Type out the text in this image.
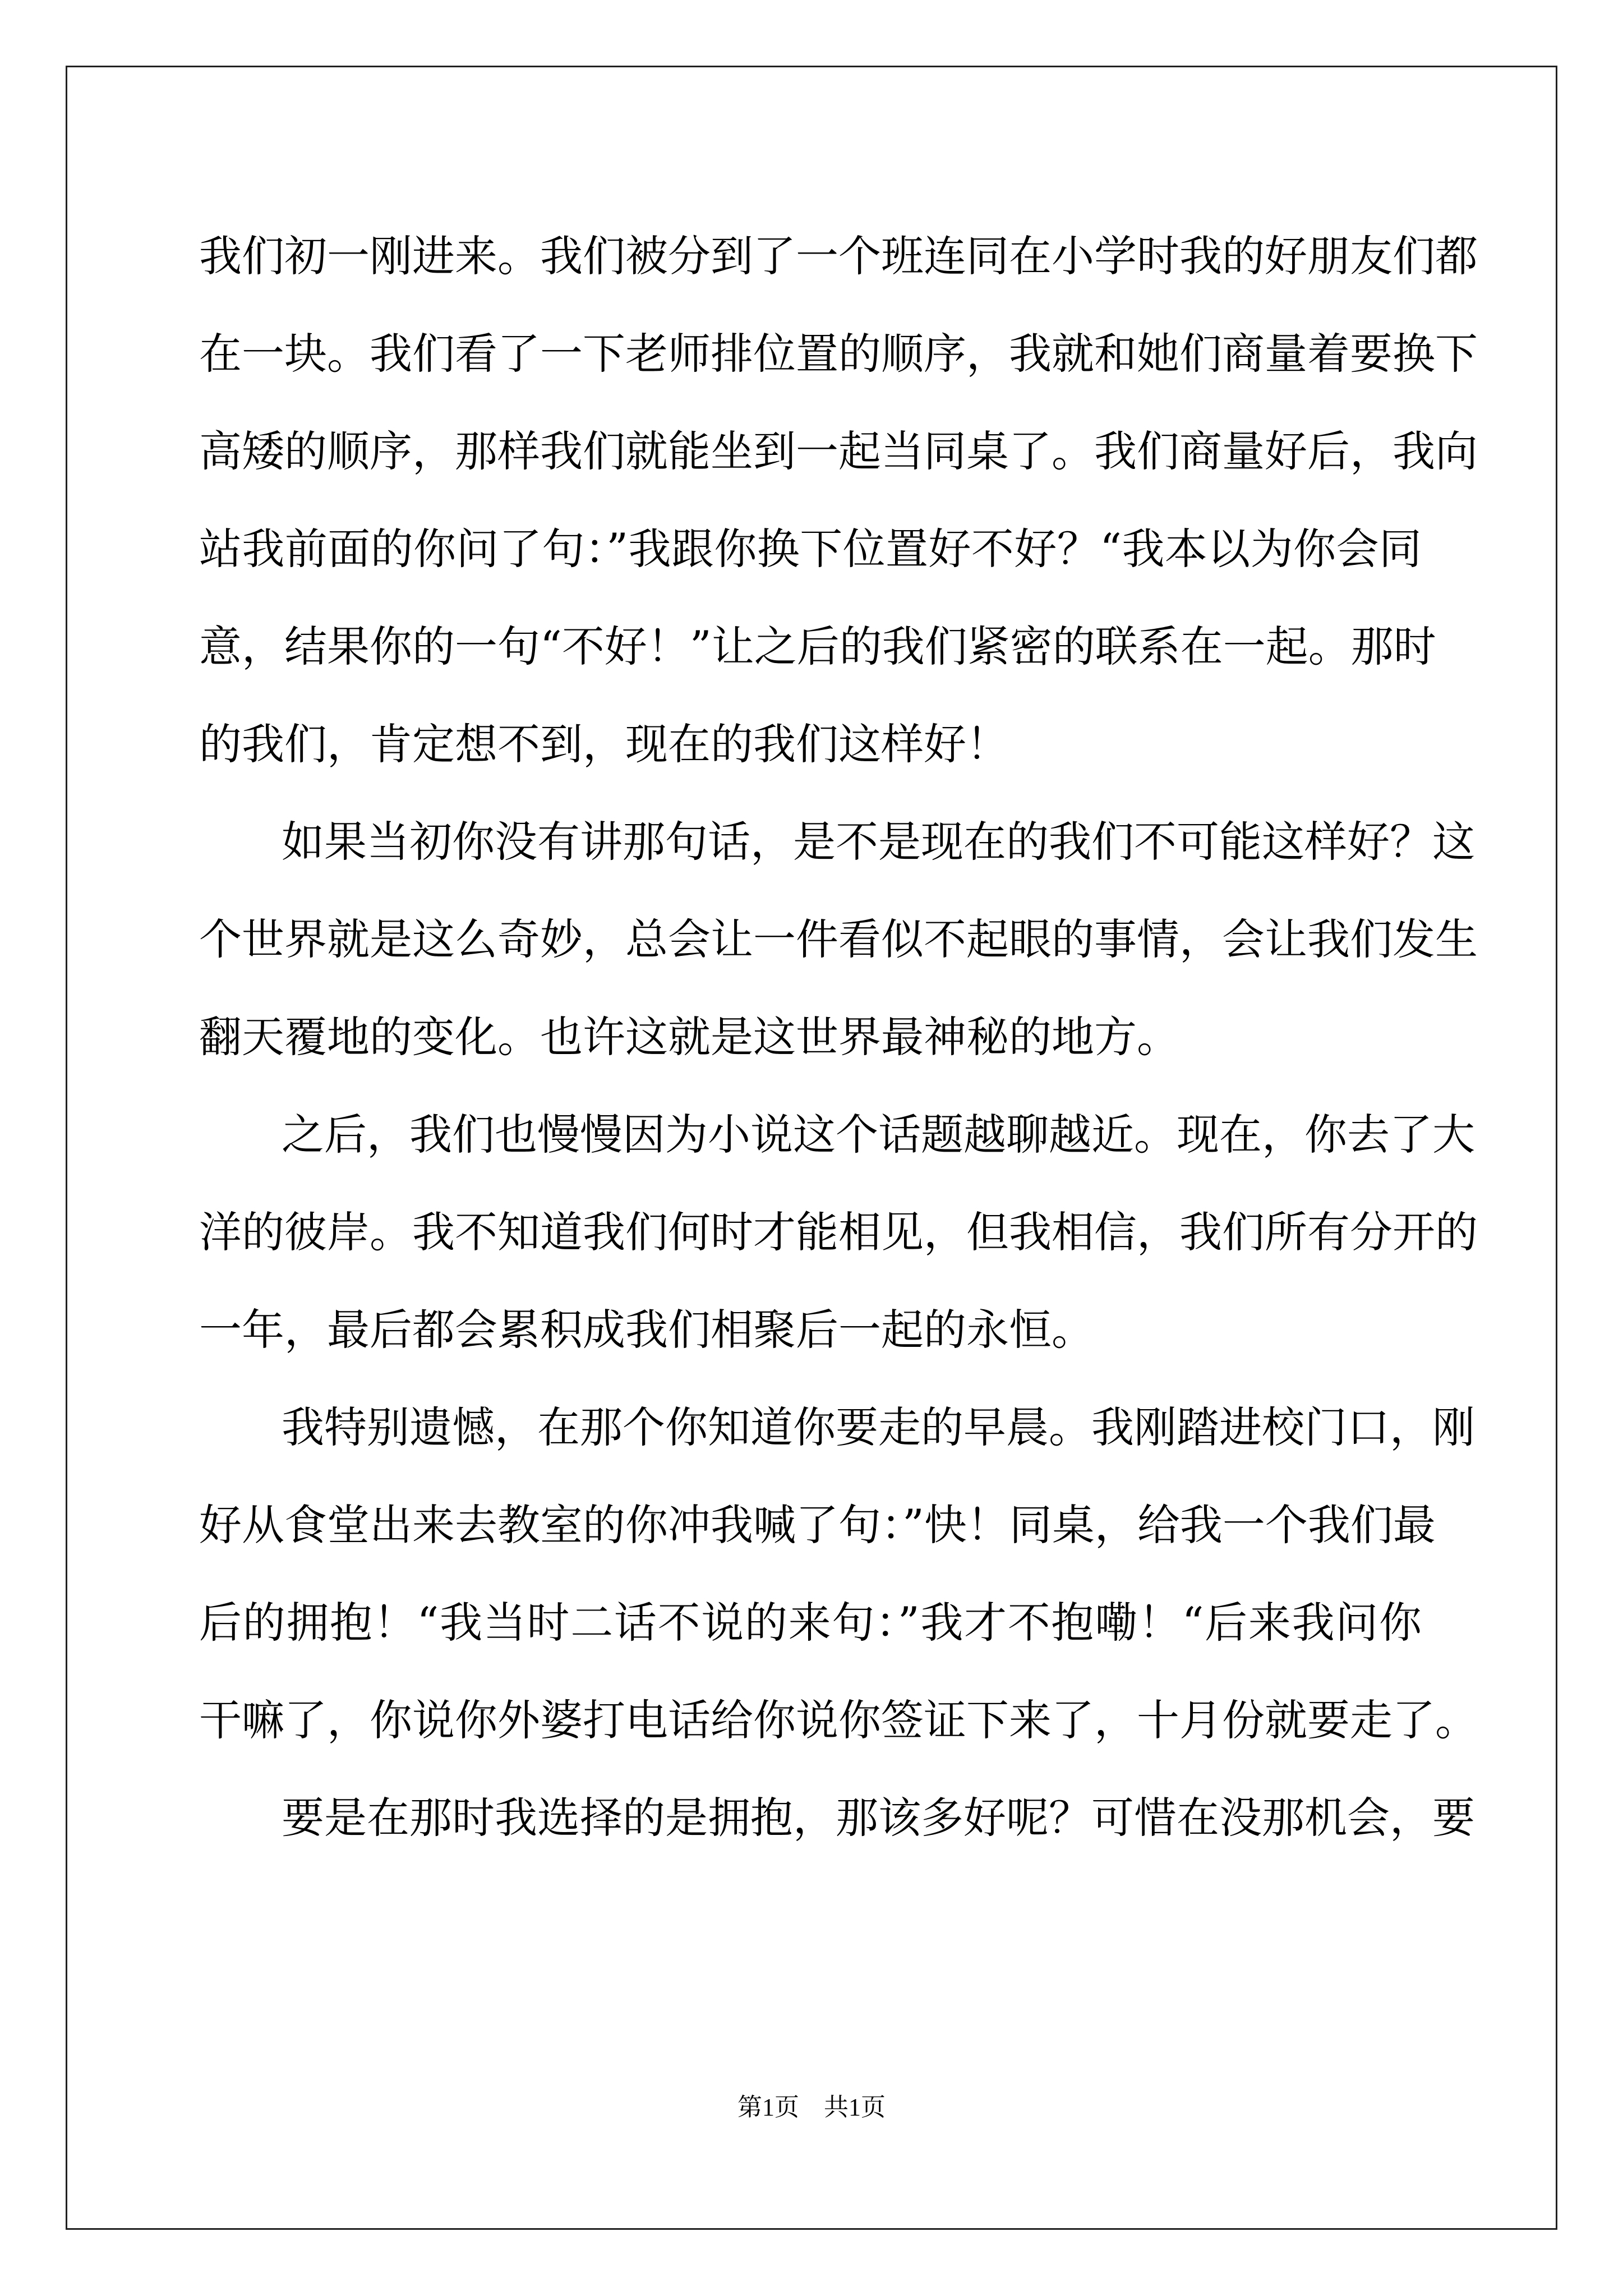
我们初一刚进来。我们被分到了一个班连同在小学时我的好朋友们都
在一块。我们看了一下老师排位置的顺序，我就和她们商量着要换下
高矮的顺序，那样我们就能坐到一起当同桌了。我们商量好后，我向
站我前面的你问了句：”我跟你换下位置好不好？“我本以为你会同
意，结果你的一句“不好！”让之后的我们紧密的联系在一起。那时
的我们，肯定想不到，现在的我们这样好！
如果当初你没有讲那句话，是不是现在的我们不可能这样好？这
个世界就是这么奇妙，总会让一件看似不起眼的事情，会让我们发生
翻天覆地的变化。也许这就是这世界最神秘的地方。
之后，我们也慢慢因为小说这个话题越聊越近。现在，你去了大
洋的彼岸。我不知道我们何时才能相见，但我相信，我们所有分开的
一年，最后都会累积成我们相聚后一起的永恒。
我特别遗憾，在那个你知道你要走的早晨。我刚踏进校门口，刚
好从食堂出来去教室的你冲我喊了句：”快！同桌，给我一个我们最
后的拥抱！“我当时二话不说的来句：”我才不抱嘞！“后来我问你
干嘛了，你说你外婆打电话给你说你签证下来了，十月份就要走了。
要是在那时我选择的是拥抱，那该多好呢？可惜在没那机会，要
第1页　共1页
